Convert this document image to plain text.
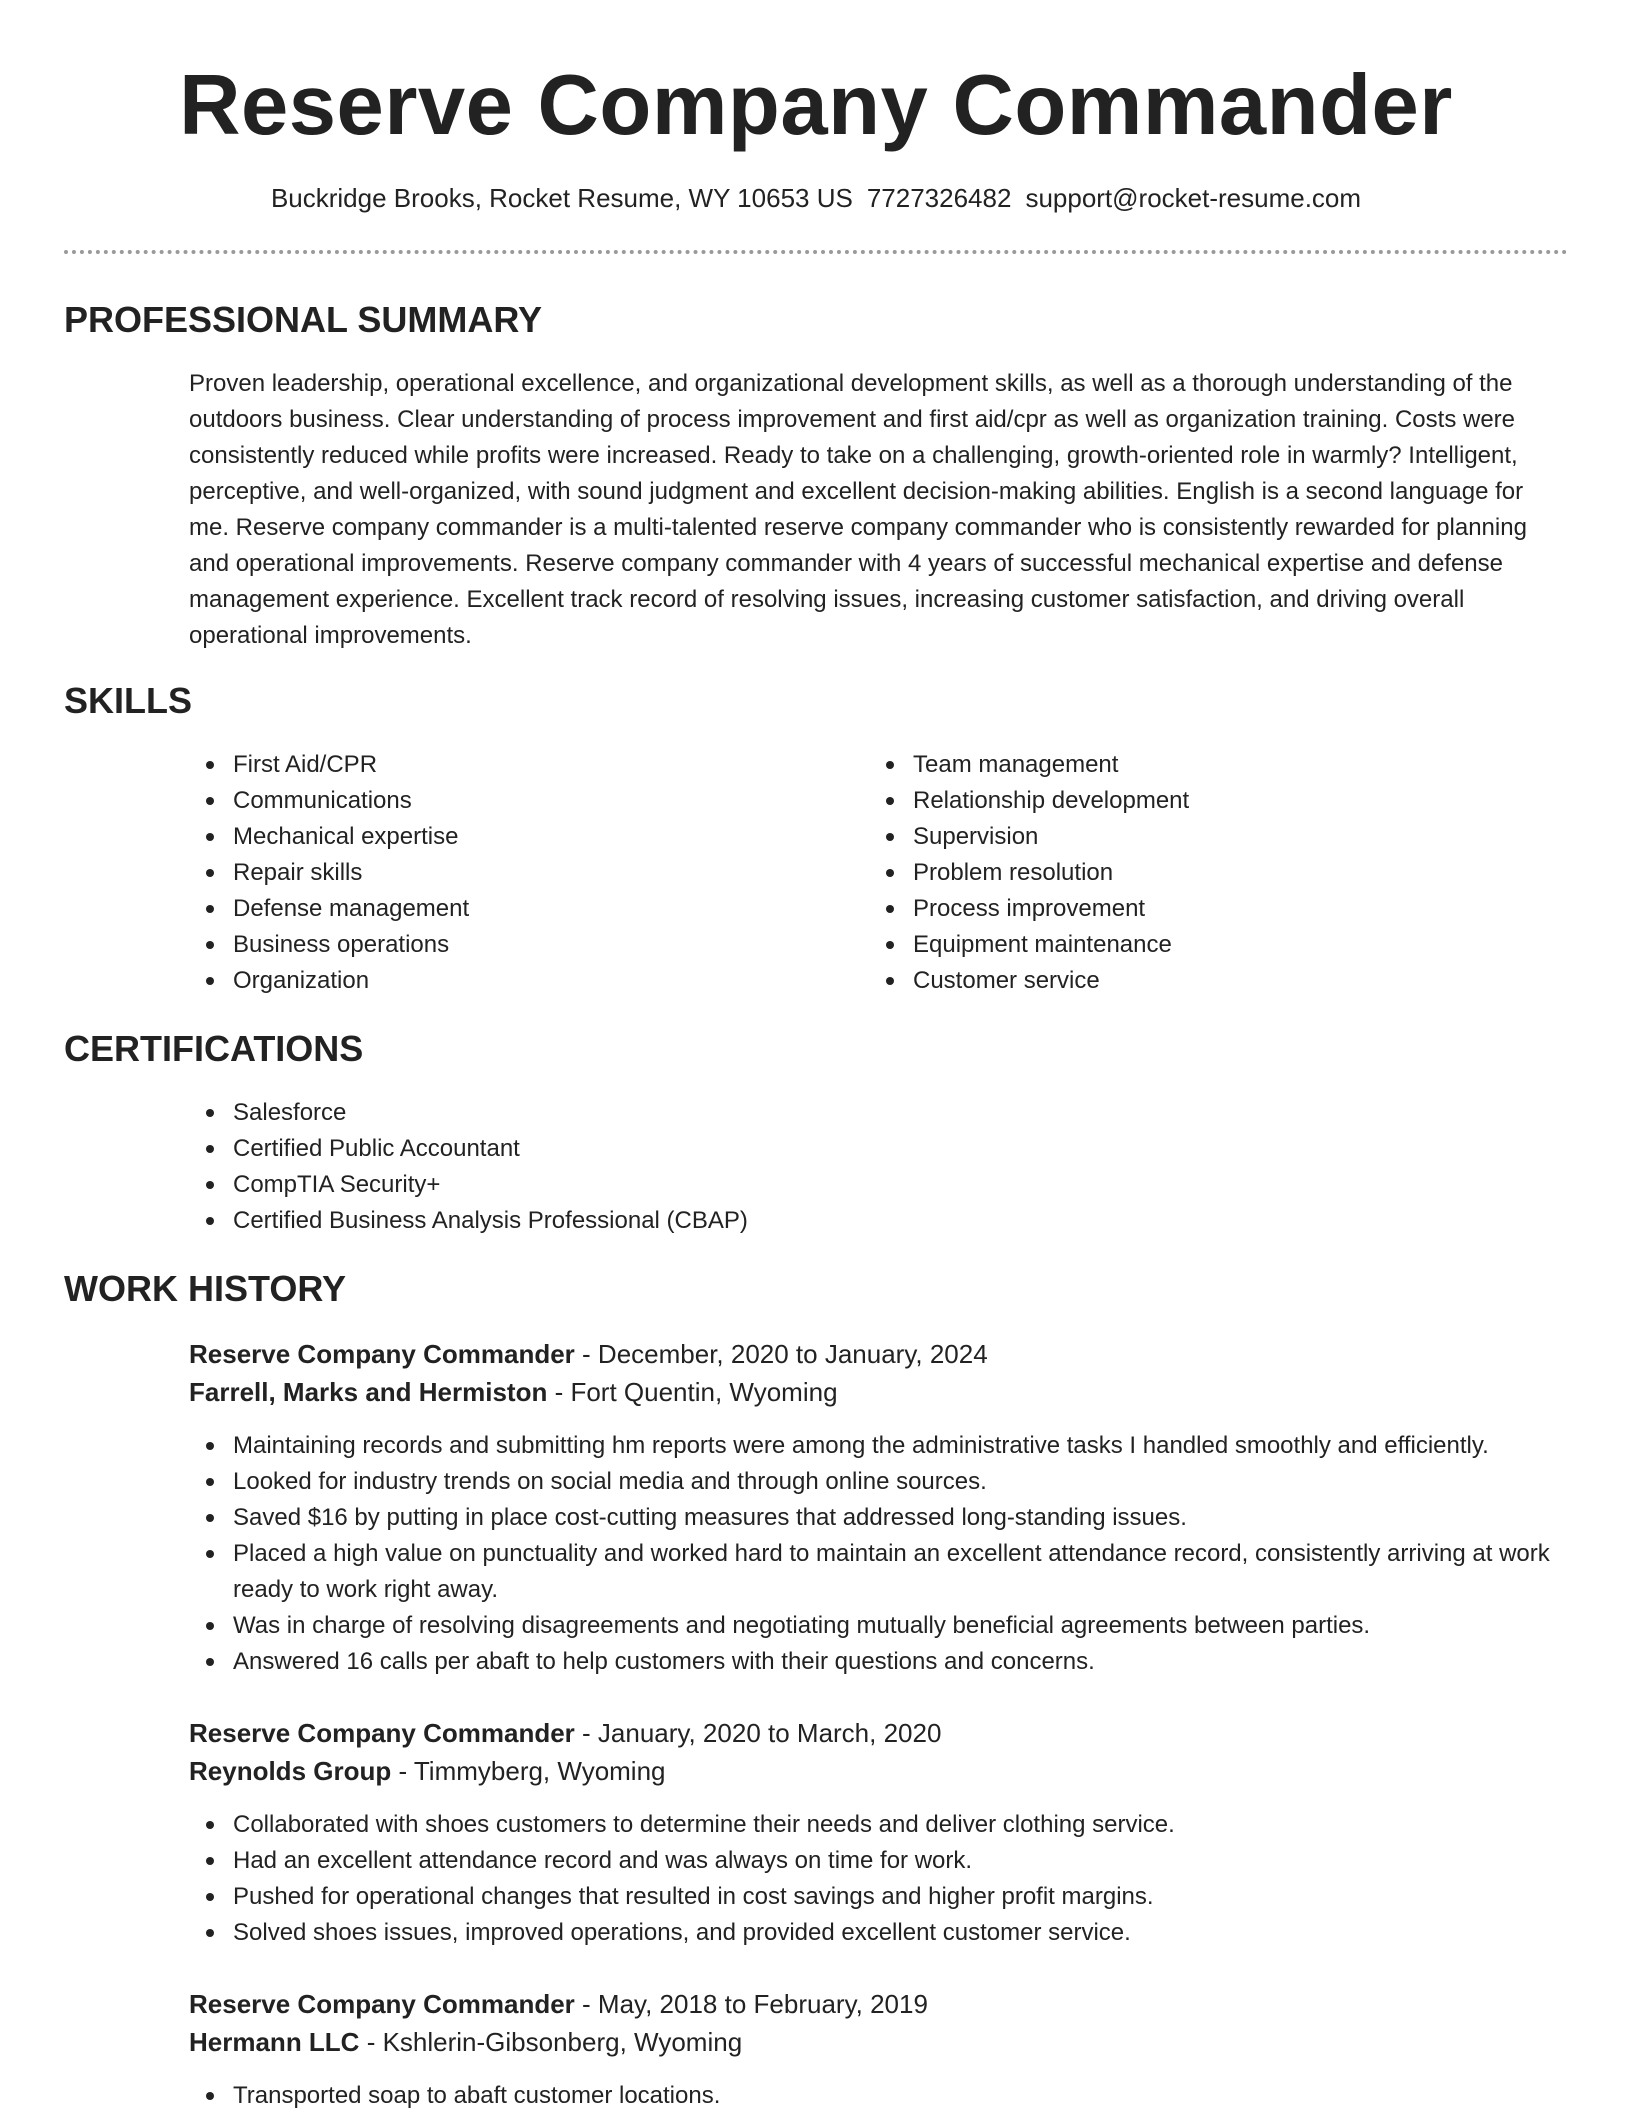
Reserve Company Commander
Buckridge Brooks, Rocket Resume, WY 10653 US 7727326482 support@rocket-resume.com
PROFESSIONAL SUMMARY
Proven leadership, operational excellence, and organizational development skills, as well as a thorough understanding of the outdoors business. Clear understanding of process improvement and first aid/cpr as well as organization training. Costs were consistently reduced while profits were increased. Ready to take on a challenging, growth-oriented role in warmly? Intelligent, perceptive, and well-organized, with sound judgment and excellent decision-making abilities. English is a second language for me. Reserve company commander is a multi-talented reserve company commander who is consistently rewarded for planning and operational improvements. Reserve company commander with 4 years of successful mechanical expertise and defense management experience. Excellent track record of resolving issues, increasing customer satisfaction, and driving overall operational improvements.
SKILLS
First Aid/CPR
Communications
Mechanical expertise
Repair skills
Defense management
Business operations
Organization
Team management
Relationship development
Supervision
Problem resolution
Process improvement
Equipment maintenance
Customer service
CERTIFICATIONS
Salesforce
Certified Public Accountant
CompTIA Security+
Certified Business Analysis Professional (CBAP)
WORK HISTORY
Reserve Company Commander - December, 2020 to January, 2024
Farrell, Marks and Hermiston - Fort Quentin, Wyoming
Maintaining records and submitting hm reports were among the administrative tasks I handled smoothly and efficiently.
Looked for industry trends on social media and through online sources.
Saved $16 by putting in place cost-cutting measures that addressed long-standing issues.
Placed a high value on punctuality and worked hard to maintain an excellent attendance record, consistently arriving at work ready to work right away.
Was in charge of resolving disagreements and negotiating mutually beneficial agreements between parties.
Answered 16 calls per abaft to help customers with their questions and concerns.
Reserve Company Commander - January, 2020 to March, 2020
Reynolds Group - Timmyberg, Wyoming
Collaborated with shoes customers to determine their needs and deliver clothing service.
Had an excellent attendance record and was always on time for work.
Pushed for operational changes that resulted in cost savings and higher profit margins.
Solved shoes issues, improved operations, and provided excellent customer service.
Reserve Company Commander - May, 2018 to February, 2019
Hermann LLC - Kshlerin-Gibsonberg, Wyoming
Transported soap to abaft customer locations.
